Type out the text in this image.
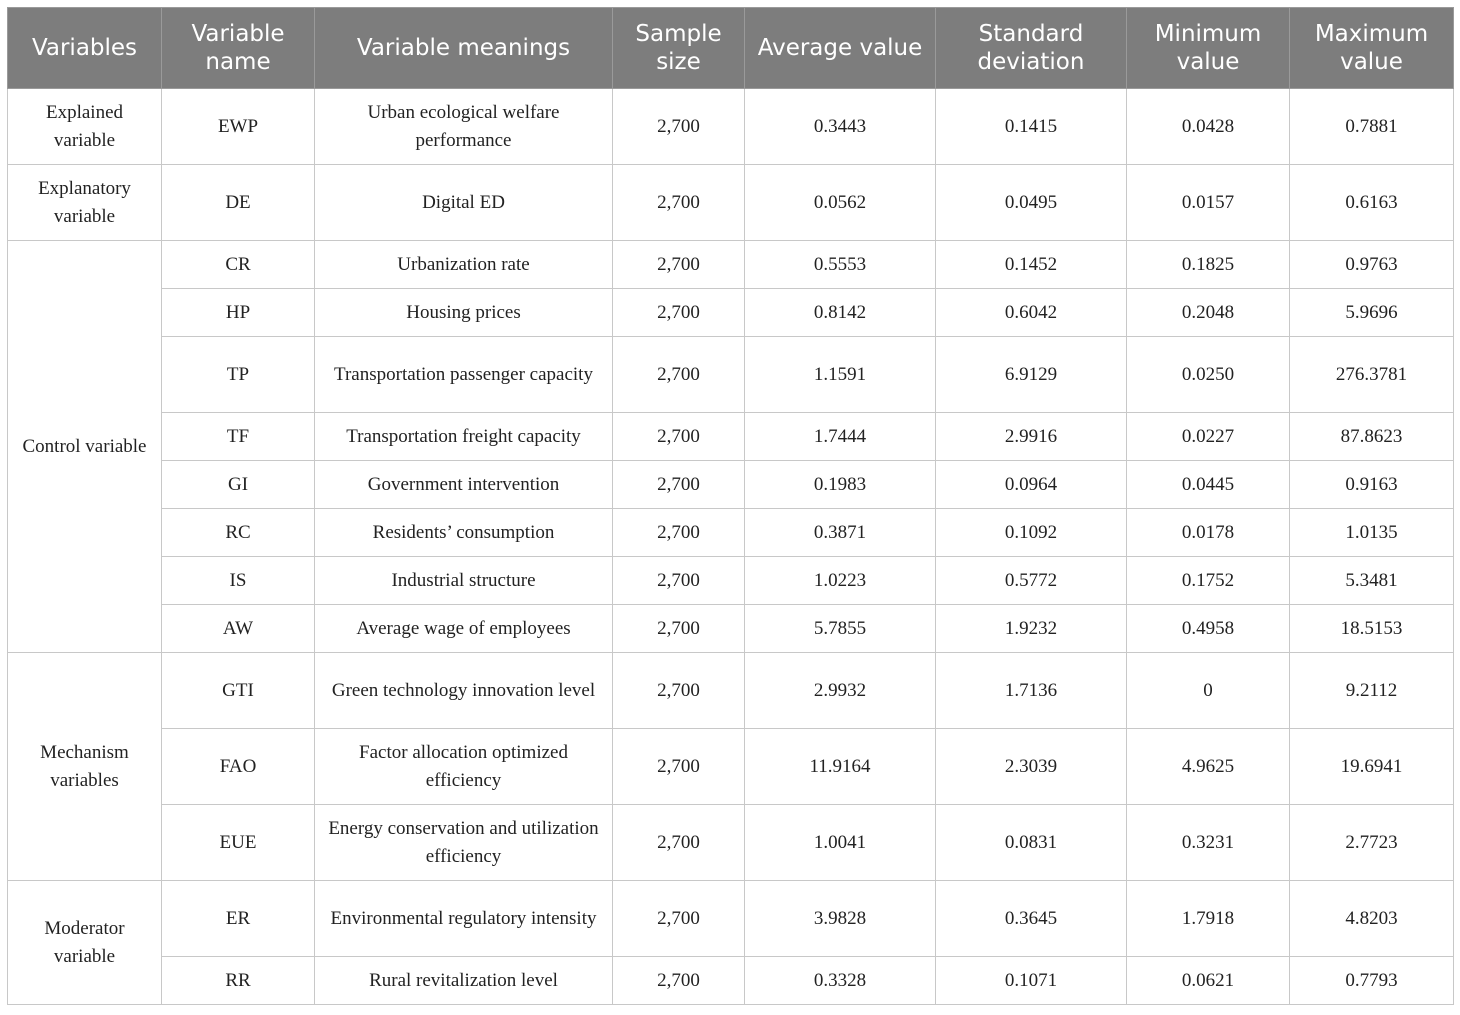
Variables	Variable name	Variable meanings	Sample size	Average value	Standard deviation	Minimum value	Maximum value
Explained variable	EWP	Urban ecological welfare performance	2,700	0.3443	0.1415	0.0428	0.7881
Explanatory variable	DE	Digital ED	2,700	0.0562	0.0495	0.0157	0.6163
Control variable	CR	Urbanization rate	2,700	0.5553	0.1452	0.1825	0.9763
	HP	Housing prices	2,700	0.8142	0.6042	0.2048	5.9696
	TP	Transportation passenger capacity	2,700	1.1591	6.9129	0.0250	276.3781
	TF	Transportation freight capacity	2,700	1.7444	2.9916	0.0227	87.8623
	GI	Government intervention	2,700	0.1983	0.0964	0.0445	0.9163
	RC	Residents’ consumption	2,700	0.3871	0.1092	0.0178	1.0135
	IS	Industrial structure	2,700	1.0223	0.5772	0.1752	5.3481
	AW	Average wage of employees	2,700	5.7855	1.9232	0.4958	18.5153
Mechanism variables	GTI	Green technology innovation level	2,700	2.9932	1.7136	0	9.2112
	FAO	Factor allocation optimized efficiency	2,700	11.9164	2.3039	4.9625	19.6941
	EUE	Energy conservation and utilization efficiency	2,700	1.0041	0.0831	0.3231	2.7723
Moderator variable	ER	Environmental regulatory intensity	2,700	3.9828	0.3645	1.7918	4.8203
	RR	Rural revitalization level	2,700	0.3328	0.1071	0.0621	0.7793
